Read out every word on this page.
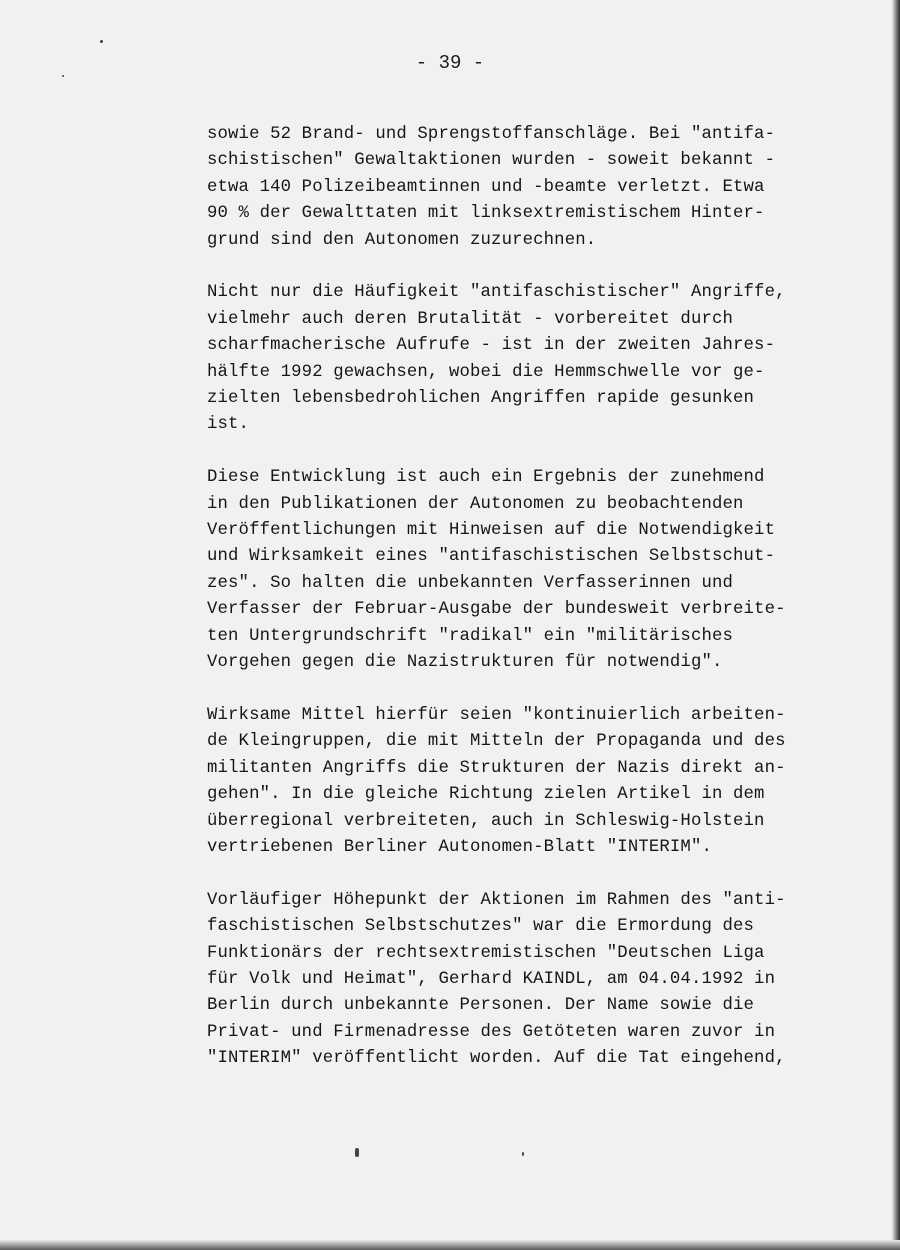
- 39 -
sowie 52 Brand- und Sprengstoffanschläge. Bei "antifa-
schistischen" Gewaltaktionen wurden - soweit bekannt -
etwa 140 Polizeibeamtinnen und -beamte verletzt. Etwa
90 % der Gewalttaten mit linksextremistischem Hinter-
grund sind den Autonomen zuzurechnen.
Nicht nur die Häufigkeit "antifaschistischer" Angriffe,
vielmehr auch deren Brutalität - vorbereitet durch
scharfmacherische Aufrufe - ist in der zweiten Jahres-
hälfte 1992 gewachsen, wobei die Hemmschwelle vor ge-
zielten lebensbedrohlichen Angriffen rapide gesunken
ist.
Diese Entwicklung ist auch ein Ergebnis der zunehmend
in den Publikationen der Autonomen zu beobachtenden
Veröffentlichungen mit Hinweisen auf die Notwendigkeit
und Wirksamkeit eines "antifaschistischen Selbstschut-
zes". So halten die unbekannten Verfasserinnen und
Verfasser der Februar-Ausgabe der bundesweit verbreite-
ten Untergrundschrift "radikal" ein "militärisches
Vorgehen gegen die Nazistrukturen für notwendig".
Wirksame Mittel hierfür seien "kontinuierlich arbeiten-
de Kleingruppen, die mit Mitteln der Propaganda und des
militanten Angriffs die Strukturen der Nazis direkt an-
gehen". In die gleiche Richtung zielen Artikel in dem
überregional verbreiteten, auch in Schleswig-Holstein
vertriebenen Berliner Autonomen-Blatt "INTERIM".
Vorläufiger Höhepunkt der Aktionen im Rahmen des "anti-
faschistischen Selbstschutzes" war die Ermordung des
Funktionärs der rechtsextremistischen "Deutschen Liga
für Volk und Heimat", Gerhard KAINDL, am 04.04.1992 in
Berlin durch unbekannte Personen. Der Name sowie die
Privat- und Firmenadresse des Getöteten waren zuvor in
"INTERIM" veröffentlicht worden. Auf die Tat eingehend,
